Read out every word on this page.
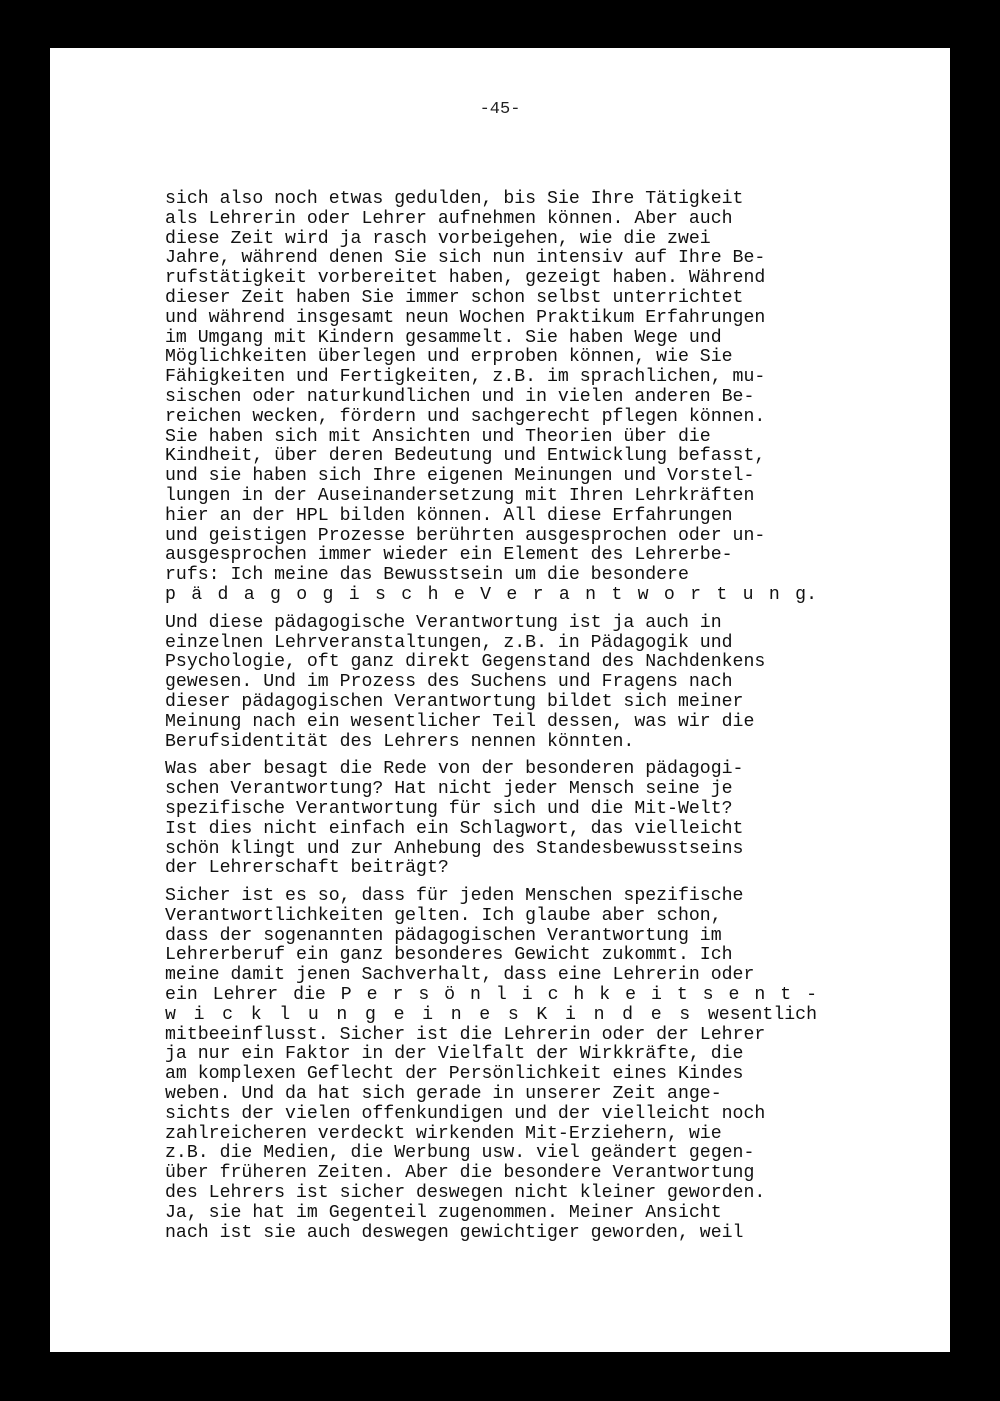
-45-
sich also noch etwas gedulden, bis Sie Ihre Tätigkeit
als Lehrerin oder Lehrer aufnehmen können. Aber auch
diese Zeit wird ja rasch vorbeigehen, wie die zwei
Jahre, während denen Sie sich nun intensiv auf Ihre Be-
rufstätigkeit vorbereitet haben, gezeigt haben. Während
dieser Zeit haben Sie immer schon selbst unterrichtet
und während insgesamt neun Wochen Praktikum Erfahrungen
im Umgang mit Kindern gesammelt. Sie haben Wege und
Möglichkeiten überlegen und erproben können, wie Sie
Fähigkeiten und Fertigkeiten, z.B. im sprachlichen, mu-
sischen oder naturkundlichen und in vielen anderen Be-
reichen wecken, fördern und sachgerecht pflegen können.
Sie haben sich mit Ansichten und Theorien über die
Kindheit, über deren Bedeutung und Entwicklung befasst,
und sie haben sich Ihre eigenen Meinungen und Vorstel-
lungen in der Auseinandersetzung mit Ihren Lehrkräften
hier an der HPL bilden können. All diese Erfahrungen
und geistigen Prozesse berührten ausgesprochen oder un-
ausgesprochen immer wieder ein Element des Lehrerbe-
rufs: Ich meine das Bewusstsein um die besondere
p ä d a g o g i s c h e V e r a n t w o r t u n g.
Und diese pädagogische Verantwortung ist ja auch in
einzelnen Lehrveranstaltungen, z.B. in Pädagogik und
Psychologie, oft ganz direkt Gegenstand des Nachdenkens
gewesen. Und im Prozess des Suchens und Fragens nach
dieser pädagogischen Verantwortung bildet sich meiner
Meinung nach ein wesentlicher Teil dessen, was wir die
Berufsidentität des Lehrers nennen könnten.
Was aber besagt die Rede von der besonderen pädagogi-
schen Verantwortung? Hat nicht jeder Mensch seine je
spezifische Verantwortung für sich und die Mit-Welt?
Ist dies nicht einfach ein Schlagwort, das vielleicht
schön klingt und zur Anhebung des Standesbewusstseins
der Lehrerschaft beiträgt?
Sicher ist es so, dass für jeden Menschen spezifische
Verantwortlichkeiten gelten. Ich glaube aber schon,
dass der sogenannten pädagogischen Verantwortung im
Lehrerberuf ein ganz besonderes Gewicht zukommt. Ich
meine damit jenen Sachverhalt, dass eine Lehrerin oder
ein Lehrer die P e r s ö n l i c h k e i t s e n t -
w i c k l u n g e i n e s K i n d e s wesentlich
mitbeeinflusst. Sicher ist die Lehrerin oder der Lehrer
ja nur ein Faktor in der Vielfalt der Wirkkräfte, die
am komplexen Geflecht der Persönlichkeit eines Kindes
weben. Und da hat sich gerade in unserer Zeit ange-
sichts der vielen offenkundigen und der vielleicht noch
zahlreicheren verdeckt wirkenden Mit-Erziehern, wie
z.B. die Medien, die Werbung usw. viel geändert gegen-
über früheren Zeiten. Aber die besondere Verantwortung
des Lehrers ist sicher deswegen nicht kleiner geworden.
Ja, sie hat im Gegenteil zugenommen. Meiner Ansicht
nach ist sie auch deswegen gewichtiger geworden, weil
